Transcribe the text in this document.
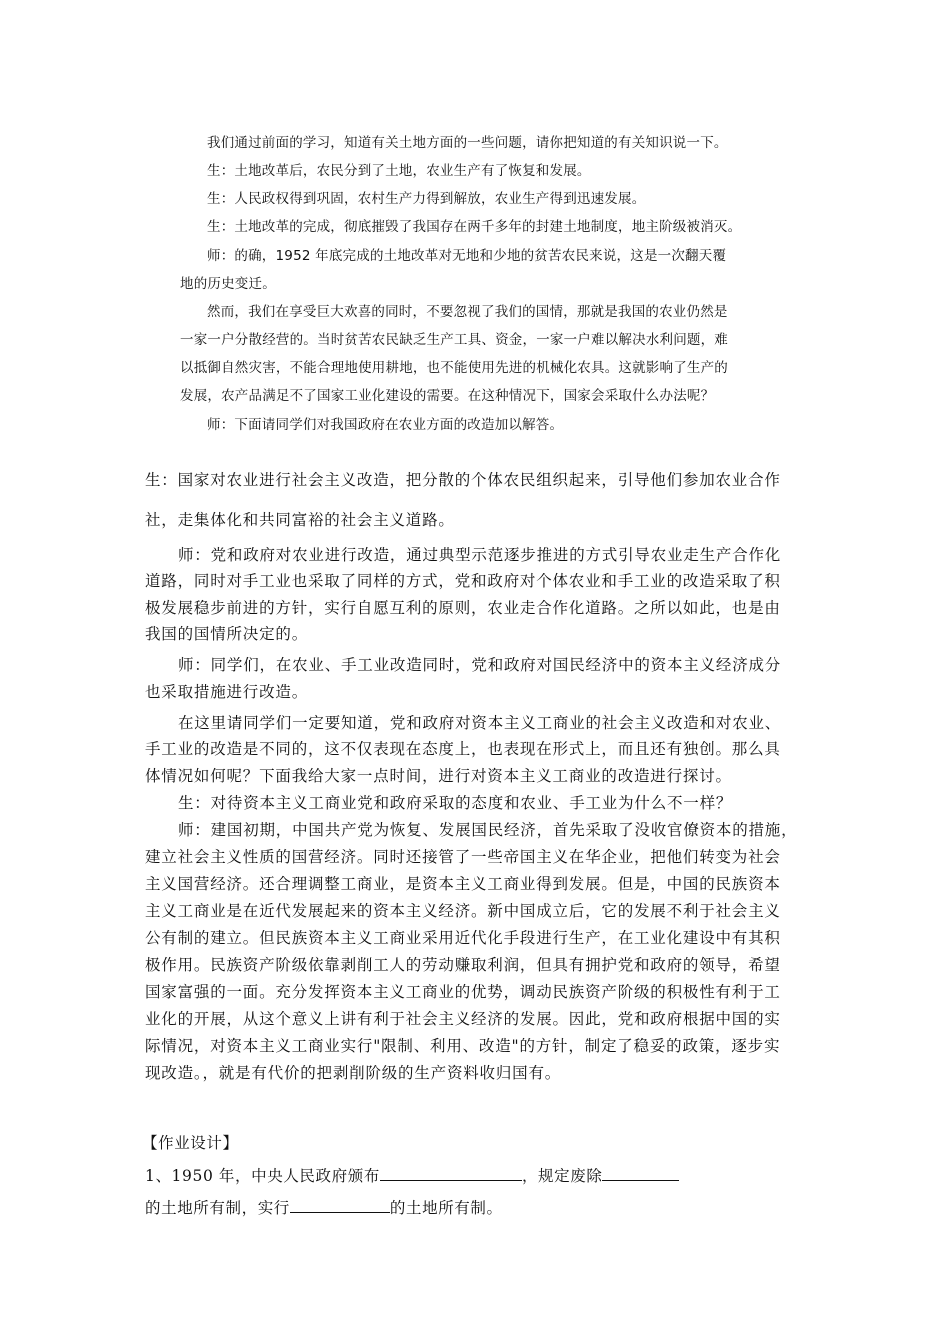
我们通过前面的学习，知道有关土地方面的一些问题，请你把知道的有关知识说一下。

生：土地改革后，农民分到了土地，农业生产有了恢复和发展。

生：人民政权得到巩固，农村生产力得到解放，农业生产得到迅速发展。

生：土地改革的完成，彻底摧毁了我国存在两千多年的封建土地制度，地主阶级被消灭。

师：的确，1952 年底完成的土地改革对无地和少地的贫苦农民来说，这是一次翻天覆

地的历史变迁。

然而，我们在享受巨大欢喜的同时，不要忽视了我们的国情，那就是我国的农业仍然是

一家一户分散经营的。当时贫苦农民缺乏生产工具、资金，一家一户难以解决水利问题，难

以抵御自然灾害，不能合理地使用耕地，也不能使用先进的机械化农具。这就影响了生产的

发展，农产品满足不了国家工业化建设的需要。在这种情况下，国家会采取什么办法呢？

师：下面请同学们对我国政府在农业方面的改造加以解答。

生：国家对农业进行社会主义改造，把分散的个体农民组织起来，引导他们参加农业合作

社，走集体化和共同富裕的社会主义道路。

师：党和政府对农业进行改造，通过典型示范逐步推进的方式引导农业走生产合作化

道路，同时对手工业也采取了同样的方式，党和政府对个体农业和手工业的改造采取了积

极发展稳步前进的方针，实行自愿互利的原则，农业走合作化道路。之所以如此，也是由

我国的国情所决定的。

师：同学们，在农业、手工业改造同时，党和政府对国民经济中的资本主义经济成分

也采取措施进行改造。

在这里请同学们一定要知道，党和政府对资本主义工商业的社会主义改造和对农业、

手工业的改造是不同的，这不仅表现在态度上，也表现在形式上，而且还有独创。那么具

体情况如何呢？下面我给大家一点时间，进行对资本主义工商业的改造进行探讨。

生：对待资本主义工商业党和政府采取的态度和农业、手工业为什么不一样？

师：建国初期，中国共产党为恢复、发展国民经济，首先采取了没收官僚资本的措施，

建立社会主义性质的国营经济。同时还接管了一些帝国主义在华企业，把他们转变为社会

主义国营经济。还合理调整工商业，是资本主义工商业得到发展。但是，中国的民族资本

主义工商业是在近代发展起来的资本主义经济。新中国成立后，它的发展不利于社会主义

公有制的建立。但民族资本主义工商业采用近代化手段进行生产，在工业化建设中有其积

极作用。民族资产阶级依靠剥削工人的劳动赚取利润，但具有拥护党和政府的领导，希望

国家富强的一面。充分发挥资本主义工商业的优势，调动民族资产阶级的积极性有利于工

业化的开展，从这个意义上讲有利于社会主义经济的发展。因此，党和政府根据中国的实

际情况，对资本主义工商业实行"限制、利用、改造"的方针，制定了稳妥的政策，逐步实

现改造。，就是有代价的把剥削阶级的生产资料收归国有。

【作业设计】

1、1950 年，中央人民政府颁布	，规定废除

的土地所有制，实行	的土地所有制。
